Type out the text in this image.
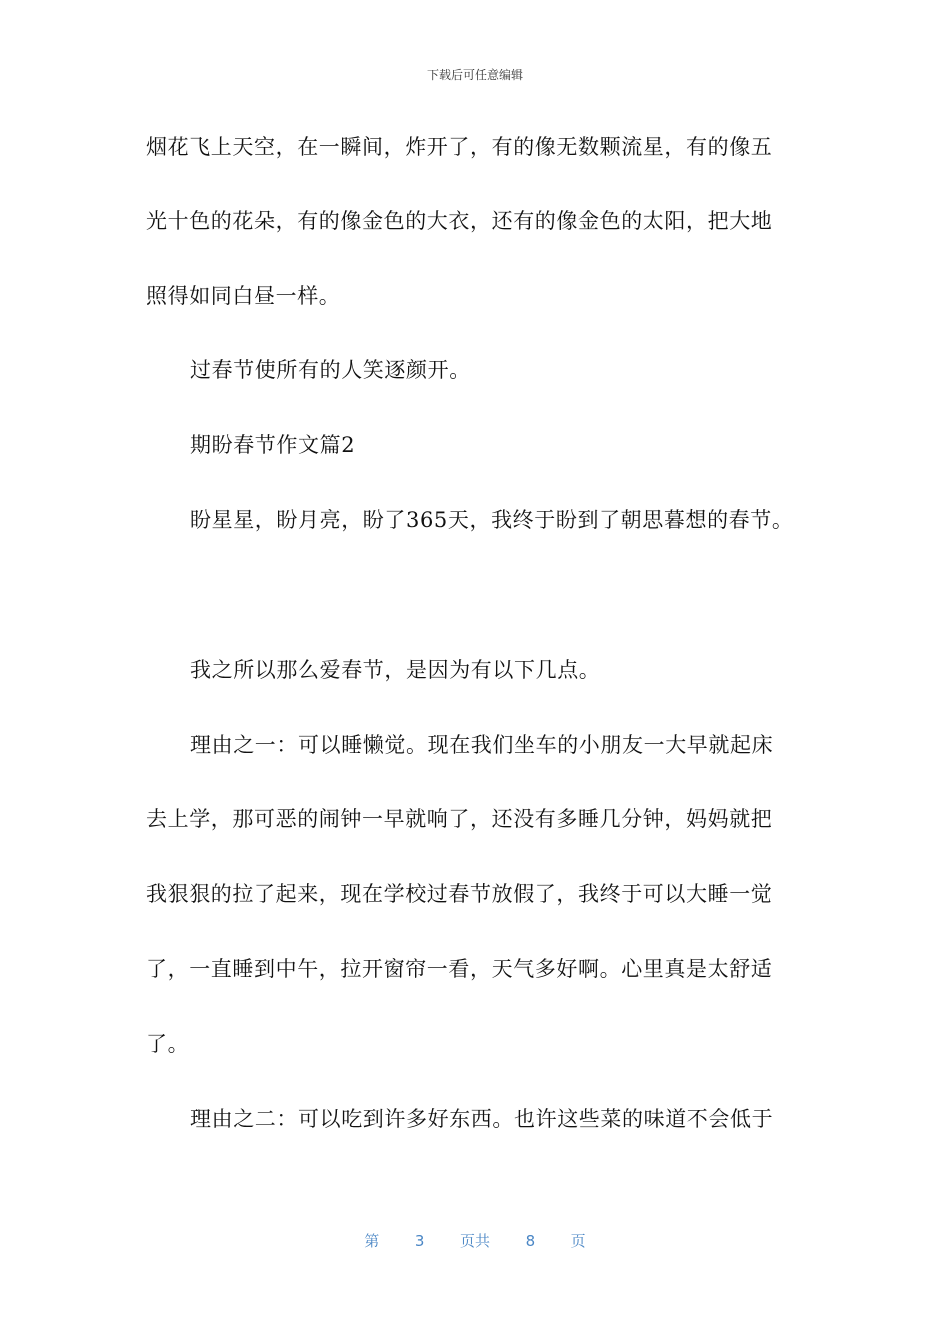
下载后可任意编辑
烟花飞上天空，在一瞬间，炸开了，有的像无数颗流星，有的像五
光十色的花朵，有的像金色的大衣，还有的像金色的太阳，把大地
照得如同白昼一样。
过春节使所有的人笑逐颜开。
期盼春节作文篇2
盼星星，盼月亮，盼了365天，我终于盼到了朝思暮想的春节。
我之所以那么爱春节，是因为有以下几点。
理由之一：可以睡懒觉。现在我们坐车的小朋友一大早就起床
去上学，那可恶的闹钟一早就响了，还没有多睡几分钟，妈妈就把
我狠狠的拉了起来，现在学校过春节放假了，我终于可以大睡一觉
了，一直睡到中午，拉开窗帘一看，天气多好啊。心里真是太舒适
了。
理由之二：可以吃到许多好东西。也许这些菜的味道不会低于
第 3 页共 8 页
